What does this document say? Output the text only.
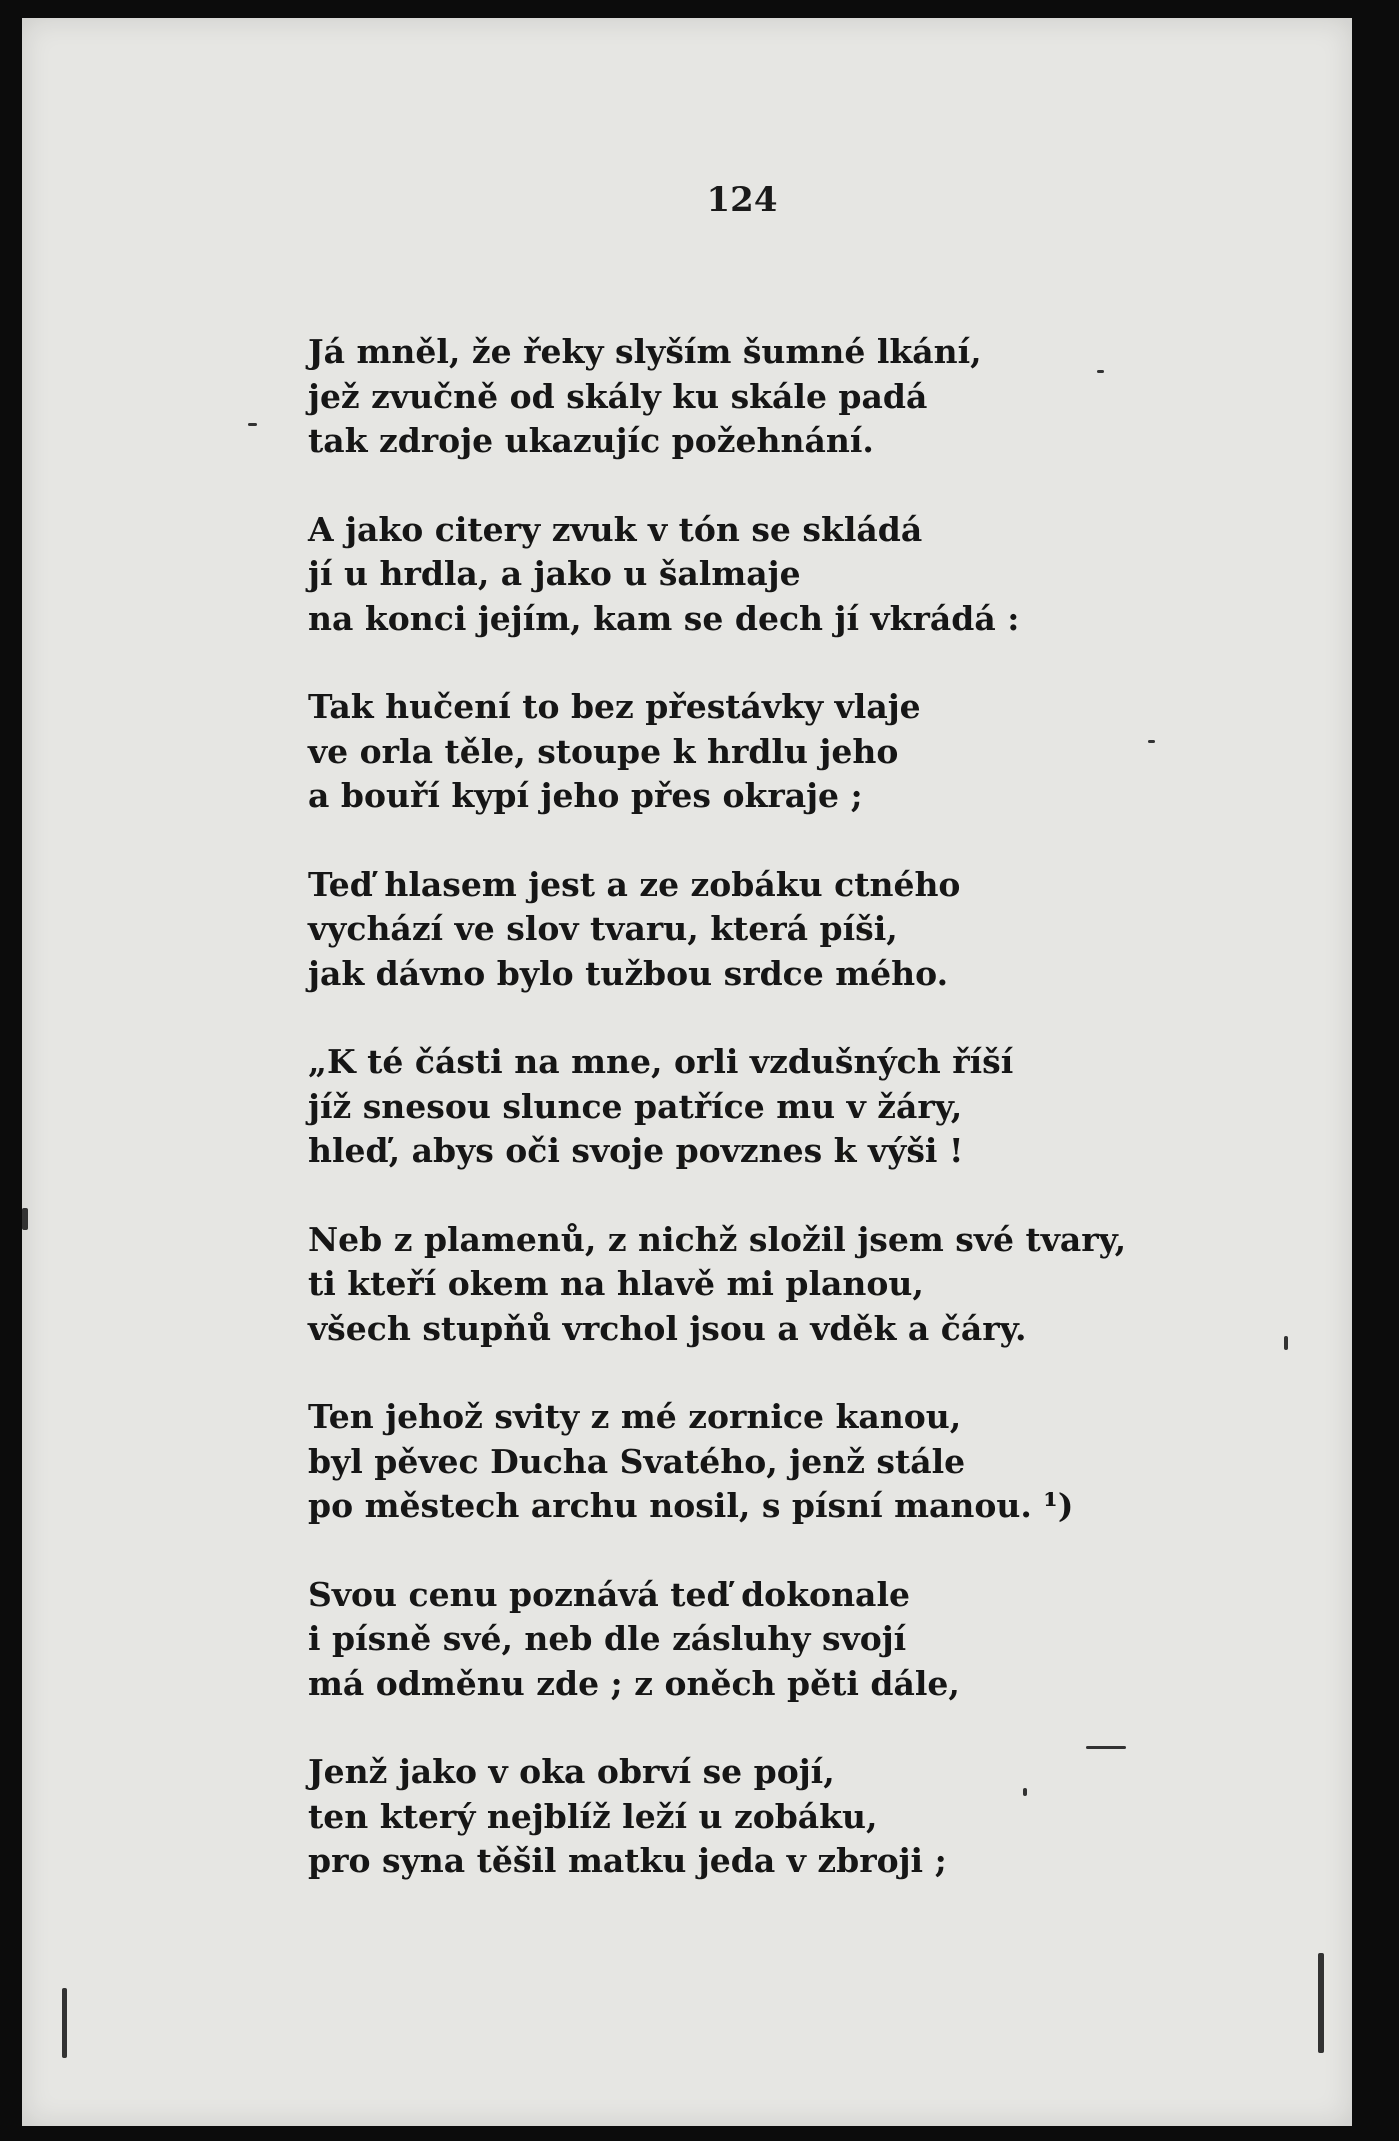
124
Já mněl, že řeky slyším šumné lkání,
jež zvučně od skály ku skále padá
tak zdroje ukazujíc požehnání.
A jako citery zvuk v tón se skládá
jí u hrdla, a jako u šalmaje
na konci jejím, kam se dech jí vkrádá :
Tak hučení to bez přestávky vlaje
ve orla těle, stoupe k hrdlu jeho
a bouří kypí jeho přes okraje ;
Teď hlasem jest a ze zobáku ctného
vychází ve slov tvaru, která píši,
jak dávno bylo tužbou srdce mého.
„K té části na mne, orli vzdušných říší
jíž snesou slunce patříce mu v žáry,
hleď, abys oči svoje povznes k výši !
Neb z plamenů, z nichž složil jsem své tvary,
ti kteří okem na hlavě mi planou,
všech stupňů vrchol jsou a vděk a čáry.
Ten jehož svity z mé zornice kanou,
byl pěvec Ducha Svatého, jenž stále
po městech archu nosil, s písní manou. ¹)
Svou cenu poznává teď dokonale
i písně své, neb dle zásluhy svojí
má odměnu zde ; z oněch pěti dále,
Jenž jako v oka obrví se pojí,
ten který nejblíž leží u zobáku,
pro syna těšil matku jeda v zbroji ;
